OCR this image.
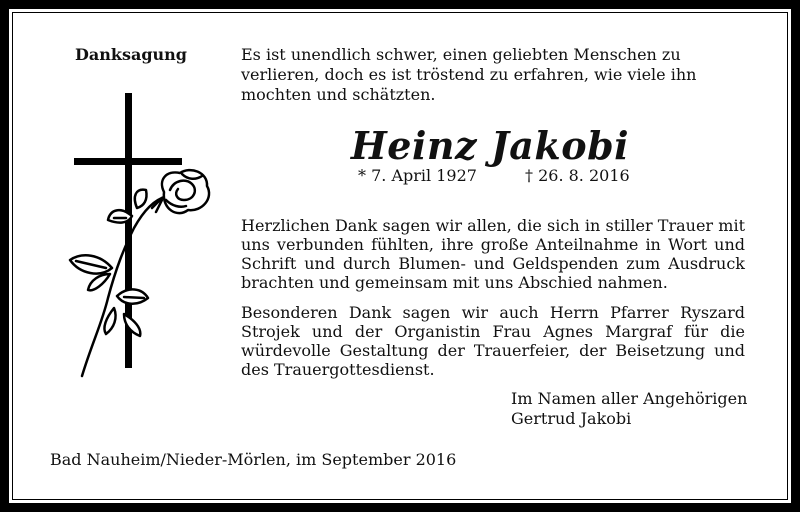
Danksagung	Es ist unendlich schwer, einen geliebten Menschen zu
verlieren, doch es ist tröstend zu erfahren, wie viele ihn
mochten und schätzten.

Heinz Jakobi

* 7. April 1927	† 26. 8. 2016

Herzlichen Dank sagen wir allen, die sich in stiller Trauer mit uns verbunden fühlten, ihre große Anteilnahme in Wort und Schrift und durch Blumen- und Geldspenden zum Ausdruck brachten und gemeinsam mit uns Abschied nahmen.

Besonderen Dank sagen wir auch Herrn Pfarrer Ryszard Strojek und der Organistin Frau Agnes Margraf für die würdevolle Gestaltung der Trauerfeier, der Beisetzung und des Trauergottesdienst.

Im Namen aller Angehörigen
Gertrud Jakobi

Bad Nauheim/Nieder-Mörlen, im September 2016
